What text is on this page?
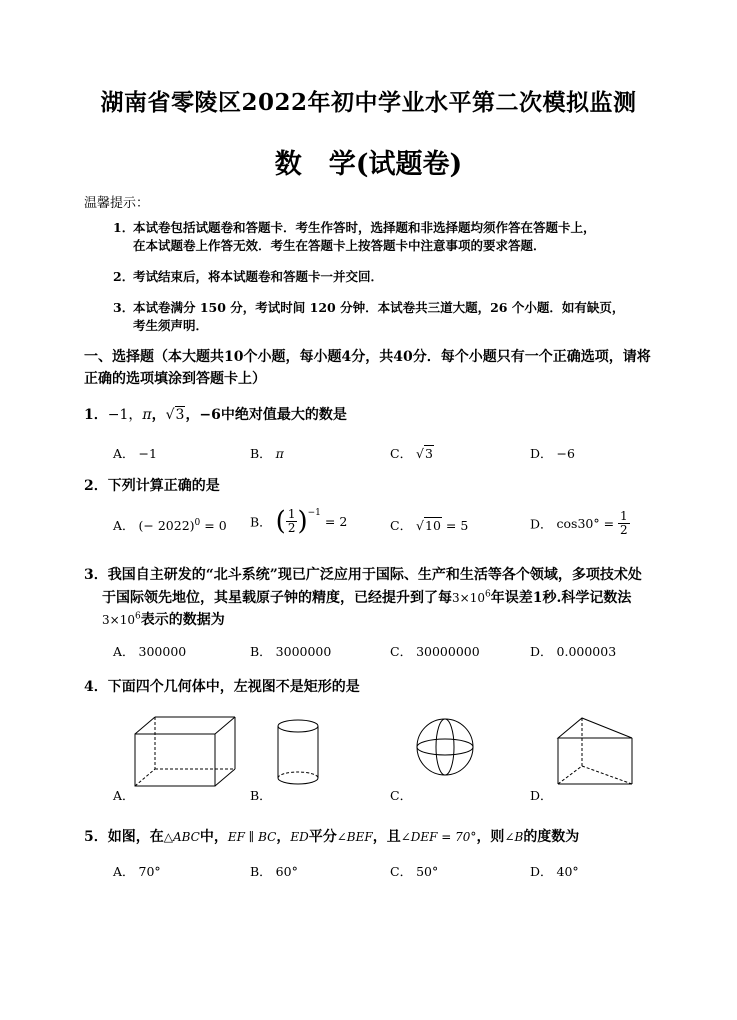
湖南省零陵区2022年初中学业水平第二次模拟监测
数　学(试题卷)
温馨提示：
1．
本试卷包括试题卷和答题卡．考生作答时，选择题和非选择题均须作答在答题卡上，
在本试题卷上作答无效．考生在答题卡上按答题卡中注意事项的要求答题．
2．
考试结束后，将本试题卷和答题卡一并交回．
3．
本试卷满分 150 分，考试时间 120 分钟．本试卷共三道大题，26 个小题．如有缺页，
考生须声明．
一、选择题（本大题共10个小题，每小题4分，共40分．每个小题只有一个正确选项，请将
正确的选项填涂到答题卡上）
1．−1，π，√3，−6中绝对值最大的数是
A． −1	B． π	C． √3	D． −6
2．下列计算正确的是
A． (− 2022)$^0$ = 0 B． ( $\frac{1}{2} )^{-1} = 2$	C． √10 = 5	D． $\cos 30^\circ = \frac{1}{2}$
3．我国自主研发的“北斗系统”现已广泛应用于国际、生产和生活等各个领域，多项技术处
于国际领先地位，其星载原子钟的精度，已经提升到了每$3\times 10^6$年误差1秒.科学记数法
$3\times 10^6$表示的数据为
A． 300000	B． 3000000	C． 30000000	D． 0.000003
4．下面四个几何体中，左视图不是矩形的是
A．	B．	C．	D．
5．如图，在△ABC中，EF ∥ BC，ED平分∠BEF，且∠DEF = 70°，则∠B的度数为
A． 70°	B． 60°	C． 50°	D． 40°
